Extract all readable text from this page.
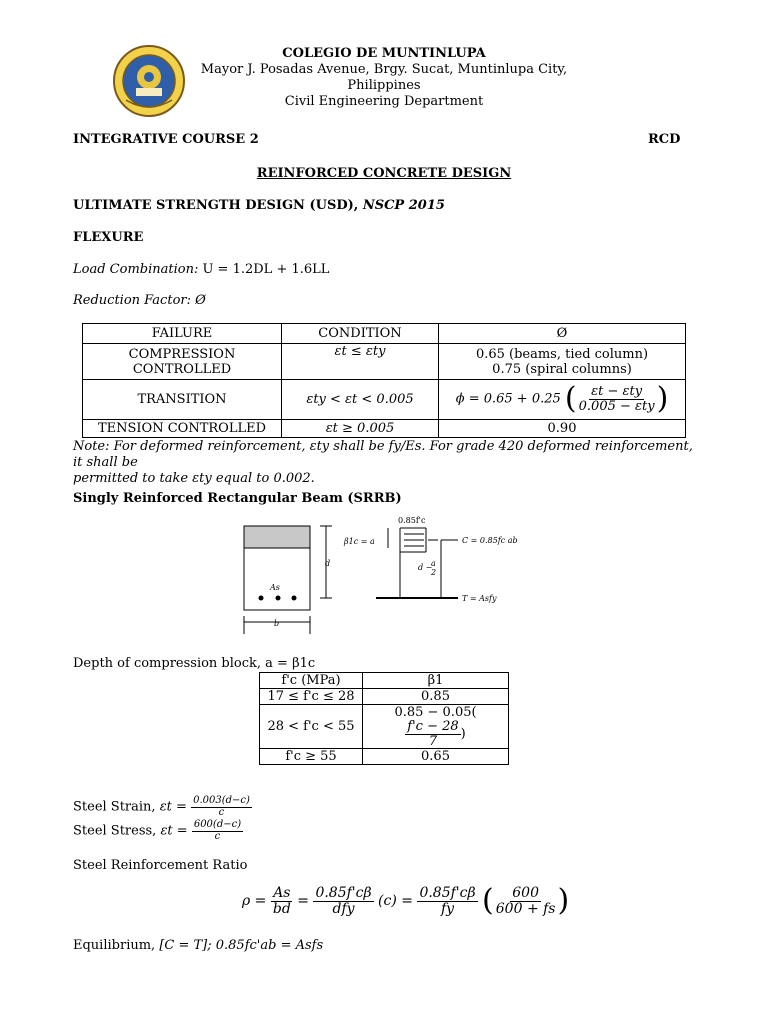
COLEGIO DE MUNTINLUPA
Mayor J. Posadas Avenue, Brgy. Sucat, Muntinlupa City,
Philippines
Civil Engineering Department
INTEGRATIVE COURSE 2	RCD
REINFORCED CONCRETE DESIGN
ULTIMATE STRENGTH DESIGN (USD), NSCP 2015
FLEXURE
Load Combination: U = 1.2DL + 1.6LL
Reduction Factor: Ø
FAILURE	CONDITION	Ø
COMPRESSION CONTROLLED	εt ≤ εty	0.65 (beams, tied column)
0.75 (spiral columns)

TRANSITION	εty < εt < 0.005	ϕ = 0.65 + 0.25 ( $\frac{\text{εt − εty}}{\text{0.005 − εty}}$ )
TENSION CONTROLLED	εt ≥ 0.005	0.90
Note: For deformed reinforcement, εty shall be fy/Es. For grade 420 deformed reinforcement, it shall be
permitted to take εty equal to 0.002.
Singly Reinforced Rectangular Beam (SRRB)
0.85f'c
β1c = a	C = 0.85fc ab
d	d −
a
2
T = Asfy
As
b
Depth of compression block, a = β1c
f'c (MPa)	β1
17 ≤ f'c ≤ 28	0.85
28 < f'c < 55	0.85 − 0.05(
$\frac{f'c - 28}{7}$ )
f'c ≥ 55	0.65
Steel Strain, $\varepsilon t = \frac{0.003(d-c)}{c}$
Steel Stress, $\varepsilon t = \frac{600(d-c)}{c}$
Steel Reinforcement Ratio
$\rho = \frac{As}{bd} = \frac{0.85f'c\beta}{\text{dfy}} (c) = \frac{0.85f'c\beta}{fy}$ ( $\frac{600}{600 + fs}$ )
Equilibrium, [C = T]; 0.85fc'ab = Asfs
